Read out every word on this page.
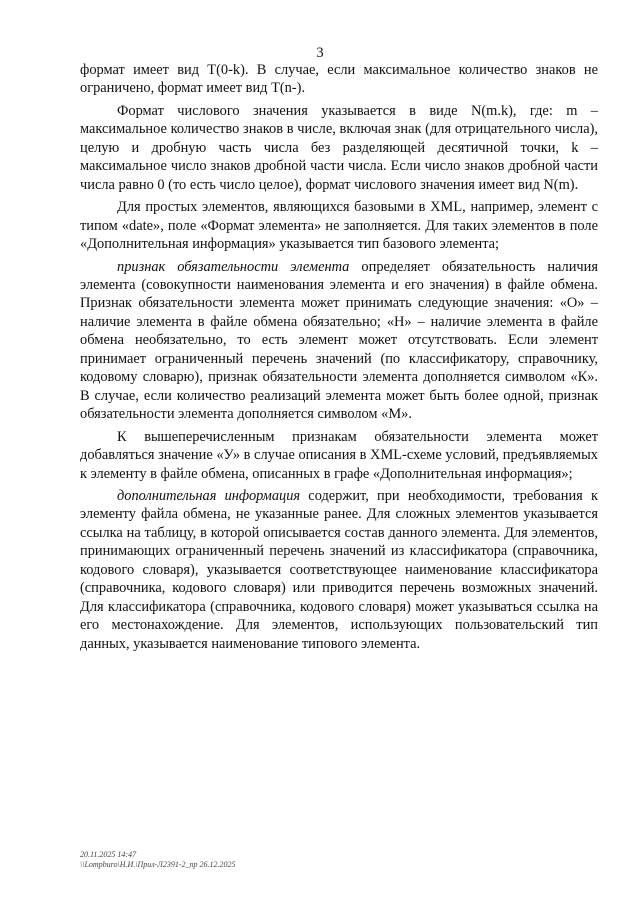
3

формат имеет вид T(0-k). В случае, если максимальное количество знаков не ограничено, формат имеет вид T(n-).

Формат числового значения указывается в виде N(m.k), где: m – максимальное количество знаков в числе, включая знак (для отрицательного числа), целую и дробную часть числа без разделяющей десятичной точки, k – максимальное число знаков дробной части числа. Если число знаков дробной части числа равно 0 (то есть число целое), формат числового значения имеет вид N(m).

Для простых элементов, являющихся базовыми в XML, например, элемент с типом «date», поле «Формат элемента» не заполняется. Для таких элементов в поле «Дополнительная информация» указывается тип базового элемента;

признак обязательности элемента определяет обязательность наличия элемента (совокупности наименования элемента и его значения) в файле обмена. Признак обязательности элемента может принимать следующие значения: «О» – наличие элемента в файле обмена обязательно; «Н» – наличие элемента в файле обмена необязательно, то есть элемент может отсутствовать. Если элемент принимает ограниченный перечень значений (по классификатору, справочнику, кодовому словарю), признак обязательности элемента дополняется символом «К». В случае, если количество реализаций элемента может быть более одной, признак обязательности элемента дополняется символом «М».

К вышеперечисленным признакам обязательности элемента может добавляться значение «У» в случае описания в XML-схеме условий, предъявляемых к элементу в файле обмена, описанных в графе «Дополнительная информация»;

дополнительная информация содержит, при необходимости, требования к элементу файла обмена, не указанные ранее. Для сложных элементов указывается ссылка на таблицу, в которой описывается состав данного элемента. Для элементов, принимающих ограниченный перечень значений из классификатора (справочника, кодового словаря), указывается соответствующее наименование классификатора (справочника, кодового словаря) или приводится перечень возможных значений. Для классификатора (справочника, кодового словаря) может указываться ссылка на его местонахождение. Для элементов, использующих пользовательский тип данных, указывается наименование типового элемента.

20.11.2025 14:47
\\Lompburo\Н.И.\Прил-Л2391-2_пр 26.12.2025
